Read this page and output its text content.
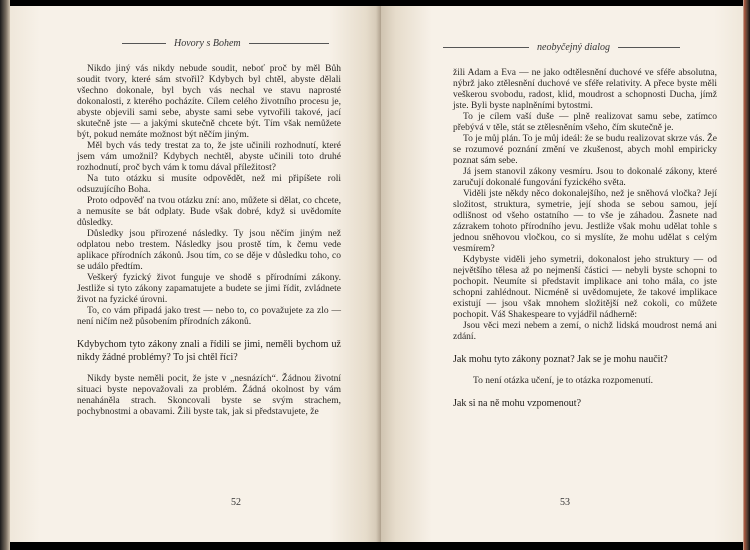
Hovory s Bohem

Nikdo jiný vás nikdy nebude soudit, neboť proč by měl Bůh soudit tvory, které sám stvořil? Kdybych byl chtěl, abyste dělali všechno dokonale, byl bych vás nechal ve stavu naprosté dokonalosti, z kterého pocházíte. Cílem celého životního procesu je, abyste objevili sami sebe, abyste sami sebe vytvořili takové, jací skutečně jste — a jakými skutečně chcete být. Tím však nemůžete být, pokud nemáte možnost být něčím jiným.

Měl bych vás tedy trestat za to, že jste učinili rozhodnutí, které jsem vám umožnil? Kdybych nechtěl, abyste učinili toto druhé rozhodnutí, proč bych vám k tomu dával příležitost?

Na tuto otázku si musíte odpovědět, než mi připíšete roli odsuzujícího Boha.

Proto odpověď na tvou otázku zní: ano, můžete si dělat, co chcete, a nemusíte se bát odplaty. Bude však dobré, když si uvědomíte důsledky.

Důsledky jsou přirozené následky. Ty jsou něčím jiným než odplatou nebo trestem. Následky jsou prostě tím, k čemu vede aplikace přírodních zákonů. Jsou tím, co se děje v důsledku toho, co se událo předtím.

Veškerý fyzický život funguje ve shodě s přírodními zákony. Jestliže si tyto zákony zapamatujete a budete se jimi řídit, zvládnete život na fyzické úrovni.

To, co vám připadá jako trest — nebo to, co považujete za zlo — není ničím než působením přírodních zákonů.

Kdybychom tyto zákony znali a řídili se jimi, neměli bychom už nikdy žádné problémy? To jsi chtěl říci?

Nikdy byste neměli pocit, že jste v „nesnázích“. Žádnou životní situaci byste nepovažovali za problém. Žádná okolnost by vám nenaháněla strach. Skoncovali byste se svým strachem, pochybnostmi a obavami. Žili byste tak, jak si představujete, že

52
neobyčejný dialog

žili Adam a Eva — ne jako odtělesnění duchové ve sféře absolutna, nýbrž jako ztělesnění duchové ve sféře relativity. A přece byste měli veškerou svobodu, radost, klid, moudrost a schopnosti Ducha, jímž jste. Byli byste naplněními bytostmi.

To je cílem vaší duše — plně realizovat samu sebe, zatímco přebývá v těle, stát se ztělesněním všeho, čím skutečně je.

To je můj plán. To je můj ideál: že se budu realizovat skrze vás. Že se rozumové poznání změní ve zkušenost, abych mohl empiricky poznat sám sebe.

Já jsem stanovil zákony vesmíru. Jsou to dokonalé zákony, které zaručují dokonalé fungování fyzického světa.

Viděli jste někdy něco dokonalejšího, než je sněhová vločka? Její složitost, struktura, symetrie, její shoda se sebou samou, její odlišnost od všeho ostatního — to vše je záhadou. Žasnete nad zázrakem tohoto přírodního jevu. Jestliže však mohu udělat tohle s jednou sněhovou vločkou, co si myslíte, že mohu udělat s celým vesmírem?

Kdybyste viděli jeho symetrii, dokonalost jeho struktury — od největšího tělesa až po nejmenší částici — nebyli byste schopni to pochopit. Neumíte si představit implikace ani toho mála, co jste schopni zahlédnout. Nicméně si uvědomujete, že takové implikace existují — jsou však mnohem složitější než cokoli, co můžete pochopit. Váš Shakespeare to vyjádřil nádherně:

Jsou věci mezi nebem a zemí, o nichž lidská moudrost nemá ani zdání.

Jak mohu tyto zákony poznat? Jak se je mohu naučit?

To není otázka učení, je to otázka rozpomenutí.

Jak si na ně mohu vzpomenout?

53
